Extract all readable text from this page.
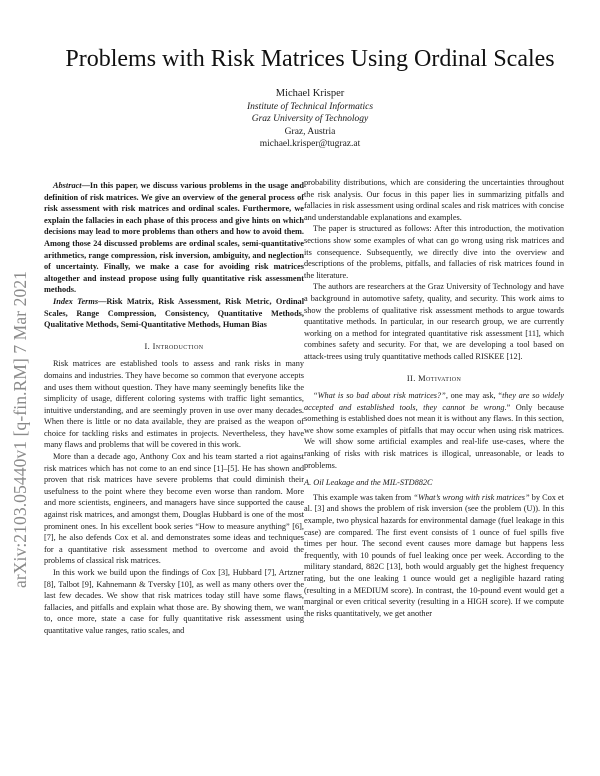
arXiv:2103.05440v1 [q-fin.RM] 7 Mar 2021
Problems with Risk Matrices Using Ordinal Scales
Michael Krisper
Institute of Technical Informatics
Graz University of Technology
Graz, Austria
michael.krisper@tugraz.at

Abstract—In this paper, we discuss various problems in the usage and definition of risk matrices. We give an overview of the general process of risk assessment with risk matrices and ordinal scales. Furthermore, we explain the fallacies in each phase of this process and give hints on which decisions may lead to more problems than others and how to avoid them. Among those 24 discussed problems are ordinal scales, semi-quantitative arithmetics, range compression, risk inversion, ambiguity, and neglection of uncertainty. Finally, we make a case for avoiding risk matrices altogether and instead propose using fully quantitative risk assessment methods.

Index Terms—Risk Matrix, Risk Assessment, Risk Metric, Ordinal Scales, Range Compression, Consistency, Quantitative Methods, Qualitative Methods, Semi-Quantitative Methods, Human Bias

I. Introduction

Risk matrices are established tools to assess and rank risks in many domains and industries. They have become so common that everyone accepts and uses them without question. They have many seemingly benefits like the simplicity of usage, different coloring systems with traffic light semantics, intuitive understanding, and are seemingly proven in use over many decades. When there is little or no data available, they are praised as the weapon of choice for tackling risks and estimates in projects. Nevertheless, they have many flaws and problems that will be covered in this work.

More than a decade ago, Anthony Cox and his team started a riot against risk matrices which has not come to an end since [1]–[5]. He has shown and proven that risk matrices have severe problems that could diminish their usefulness to the point where they become even worse than random. More and more scientists, engineers, and managers have since supported the cause against risk matrices, and amongst them, Douglas Hubbard is one of the most prominent ones. In his excellent book series “How to measure anything” [6], [7], he also defends Cox et al. and demonstrates some ideas and techniques for a quantitative risk assessment method to overcome and avoid the problems of classical risk matrices.

In this work we build upon the findings of Cox [3], Hubbard [7], Artzner [8], Talbot [9], Kahnemann & Tversky [10], as well as many others over the last few decades. We show that risk matrices today still have some flaws, fallacies, and pitfalls and explain what those are. By showing them, we want to, once more, state a case for fully quantitative risk assessment using quantitative value ranges, ratio scales, and

probability distributions, which are considering the uncertainties throughout the risk analysis. Our focus in this paper lies in summarizing pitfalls and fallacies in risk assessment using ordinal scales and risk matrices with concise and understandable explanations and examples.

The paper is structured as follows: After this introduction, the motivation sections show some examples of what can go wrong using risk matrices and its consequence. Subsequently, we directly dive into the overview and descriptions of the problems, pitfalls, and fallacies of risk matrices found in the literature.

The authors are researchers at the Graz University of Technology and have a background in automotive safety, quality, and security. This work aims to show the problems of qualitative risk assessment methods to argue towards quantitative methods. In particular, in our research group, we are currently working on a method for integrated quantitative risk assessment [11], which combines safety and security. For that, we are developing a tool based on attack-trees using truly quantitative methods called RISKEE [12].

II. Motivation

“What is so bad about risk matrices?”, one may ask, “they are so widely accepted and established tools, they cannot be wrong.” Only because something is established does not mean it is without any flaws. In this section, we show some examples of pitfalls that may occur when using risk matrices. We will show some artificial examples and real-life use-cases, where the ranking of risks with risk matrices is illogical, unreasonable, or leads to problems.

A. Oil Leakage and the MIL-STD882C

This example was taken from “What’s wrong with risk matrices” by Cox et al. [3] and shows the problem of risk inversion (see the problem (U)). In this example, two physical hazards for environmental damage (fuel leakage in this case) are compared. The first event consists of 1 ounce of fuel spills five times per hour. The second event causes more damage but happens less frequently, with 10 pounds of fuel leaking once per week. According to the military standard, 882C [13], both would arguably get the highest frequency rating, but the one leaking 1 ounce would get a negligible hazard rating (resulting in a MEDIUM score). In contrast, the 10-pound event would get a marginal or even critical severity (resulting in a HIGH score). If we compute the risks quantitatively, we get another
